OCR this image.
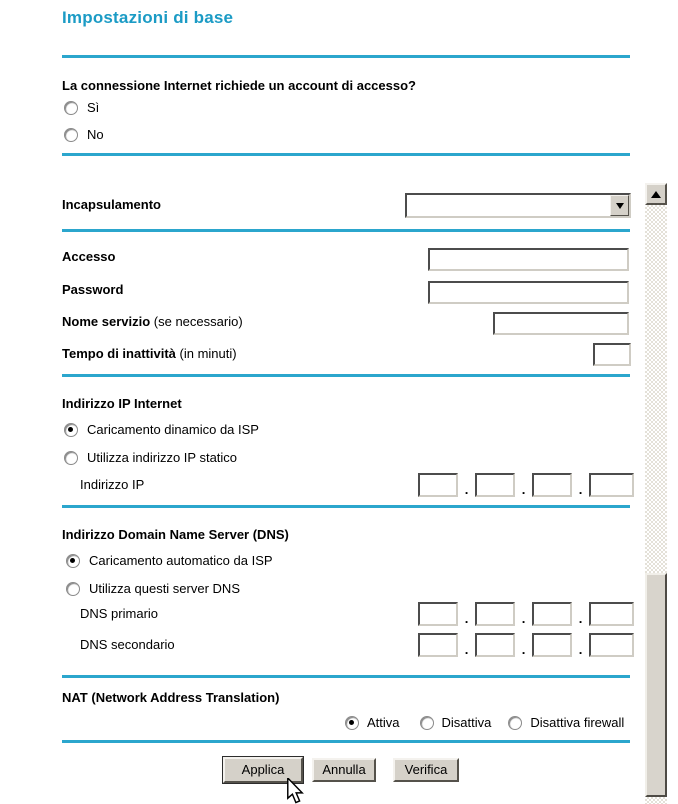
Impostazioni di base
La connessione Internet richiede un account di accesso?
Sì
No
Incapsulamento
Accesso
Password
Nome servizio (se necessario)
Tempo di inattività (in minuti)
Indirizzo IP Internet
Caricamento dinamico da ISP
Utilizza indirizzo IP statico
Indirizzo IP	.	.	.
Indirizzo Domain Name Server (DNS)
Caricamento automatico da ISP
Utilizza questi server DNS
DNS primario	.	.	.
DNS secondario	.	.	.
NAT (Network Address Translation)
Attiva	Disattiva	Disattiva firewall
Applica	Annulla	Verifica
